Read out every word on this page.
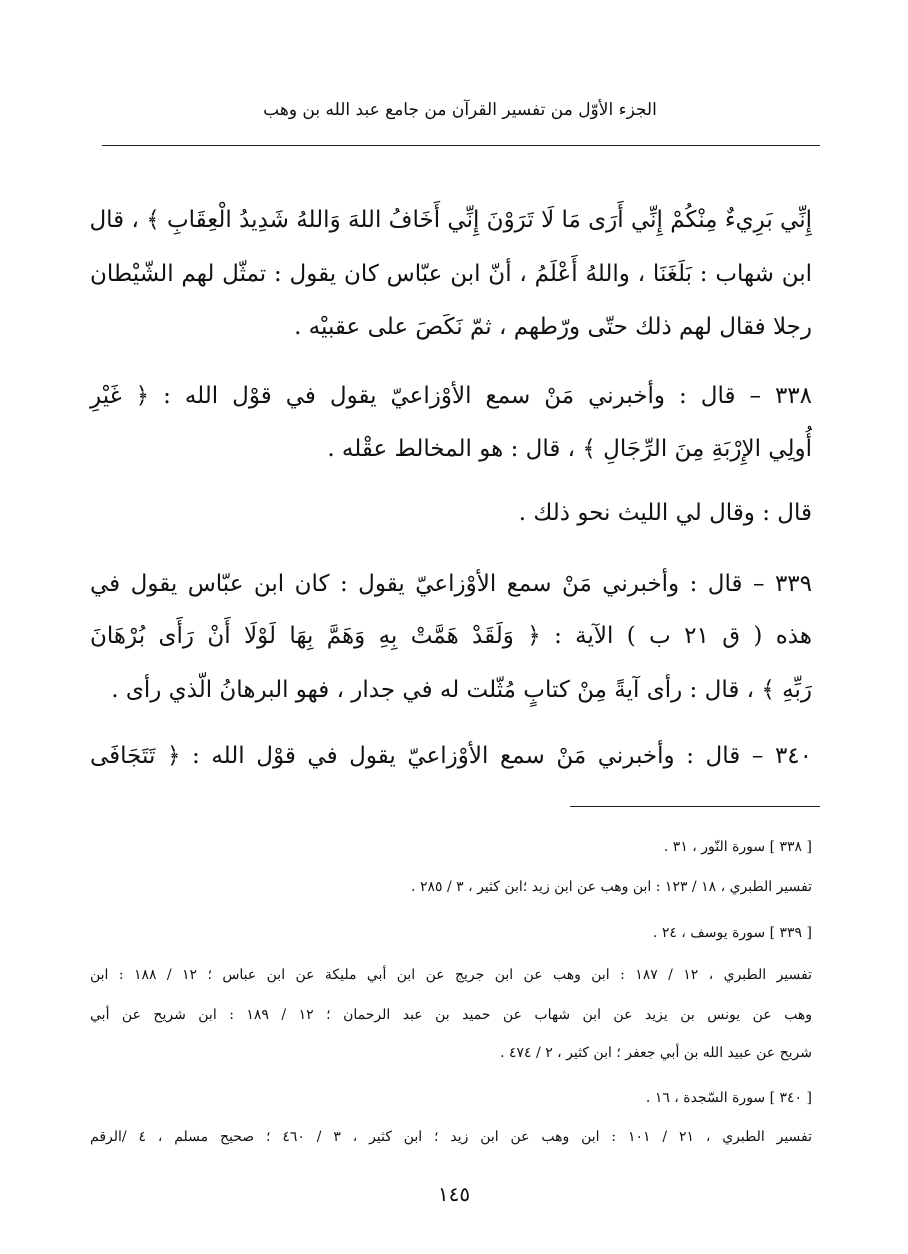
الجزء الأوّل من تفسير القرآن من جامع عبد الله بن وهب
إِنِّي بَرِيءٌ مِنْكُمْ إِنِّي أَرَى مَا لَا تَرَوْنَ إِنِّي أَخَافُ اللهَ وَاللهُ شَدِيدُ الْعِقَابِ ﴾ ، قال
ابن شهاب : بَلَغَنَا ، واللهُ أَعْلَمُ ، أنّ ابن عبّاس كان يقول : تمثّل لهم الشّيْطان
رجلا فقال لهم ذلك حتّى ورّطهم ، ثمّ نَكَصَ على عقبيْه .
٣٣٨ – قال : وأخبرني مَنْ سمع الأوْزاعيّ يقول في قوْل الله : ﴿ غَيْرِ
أُولِي الإِرْبَةِ مِنَ الرِّجَالِ ﴾ ، قال : هو المخالط عقْله .
قال : وقال لي الليث نحو ذلك .
٣٣٩ – قال : وأخبرني مَنْ سمع الأوْزاعيّ يقول : كان ابن عبّاس يقول في
هذه ( ق ٢١ ب ) الآية : ﴿ وَلَقَدْ هَمَّتْ بِهِ وَهَمَّ بِهَا لَوْلَا أَنْ رَأَى بُرْهَانَ
رَبِّهِ ﴾ ، قال : رأى آيةً مِنْ كتابٍ مُثّلت له في جدار ، فهو البرهانُ الّذي رأى .
٣٤٠ – قال : وأخبرني مَنْ سمع الأوْزاعيّ يقول في قوْل الله : ﴿ تَتَجَافَى
[ ٣٣٨ ] سورة النّور ، ٣١ .
تفسير الطبري ، ١٨ / ١٢٣ : ابن وهب عن ابن زيد ؛ابن كثير ، ٣ / ٢٨٥ .
[ ٣٣٩ ] سورة يوسف ، ٢٤ .
تفسير الطبري ، ١٢ / ١٨٧ : ابن وهب عن ابن جريج عن ابن أبي مليكة عن ابن عباس ؛ ١٢ / ١٨٨ : ابن
وهب عن يونس بن يزيد عن ابن شهاب عن حميد بن عبد الرحمان ؛ ١٢ / ١٨٩ : ابن شريح عن أبي
شريح عن عبيد الله بن أبي جعفر ؛ ابن كثير ، ٢ / ٤٧٤ .
[ ٣٤٠ ] سورة السّجدة ، ١٦ .
تفسير الطبري ، ٢١ / ١٠١ : ابن وهب عن ابن زيد ؛ ابن كثير ، ٣ / ٤٦٠ ؛ صحيح مسلم ، ٤ /الرقم
١٤٥
